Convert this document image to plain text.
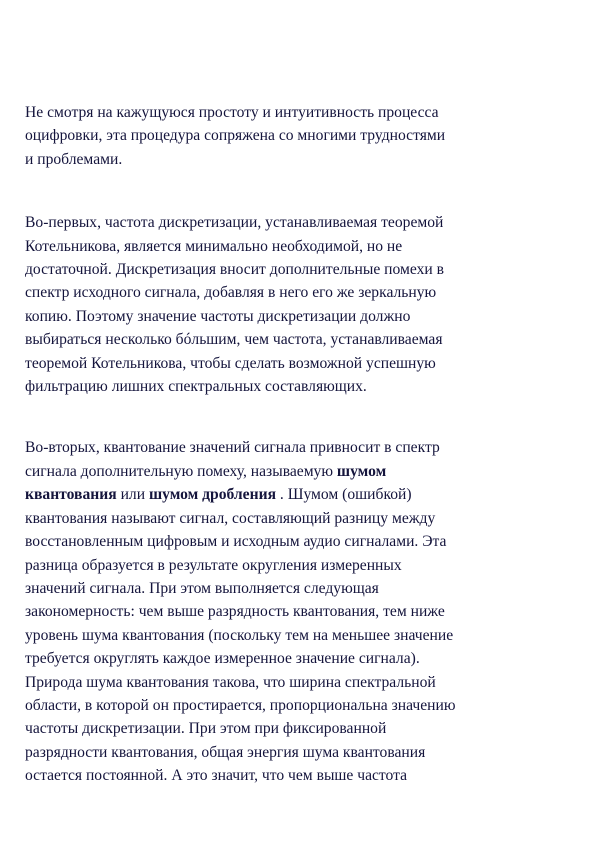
Не смотря на кажущуюся простоту и интуитивность процесса
оцифровки, эта процедура сопряжена со многими трудностями
и проблемами.

Во-первых, частота дискретизации, устанавливаемая теоремой
Котельникова, является минимально необходимой, но не
достаточной. Дискретизация вносит дополнительные помехи в
спектр исходного сигнала, добавляя в него его же зеркальную
копию. Поэтому значение частоты дискретизации должно
выбираться несколько бóльшим, чем частота, устанавливаемая
теоремой Котельникова, чтобы сделать возможной успешную
фильтрацию лишних спектральных составляющих.

Во-вторых, квантование значений сигнала привносит в спектр
сигнала дополнительную помеху, называемую шумом
квантования или шумом дробления . Шумом (ошибкой)
квантования называют сигнал, составляющий разницу между
восстановленным цифровым и исходным аудио сигналами. Эта
разница образуется в результате округления измеренных
значений сигнала. При этом выполняется следующая
закономерность: чем выше разрядность квантования, тем ниже
уровень шума квантования (поскольку тем на меньшее значение
требуется округлять каждое измеренное значение сигнала).
Природа шума квантования такова, что ширина спектральной
области, в которой он простирается, пропорциональна значению
частоты дискретизации. При этом при фиксированной
разрядности квантования, общая энергия шума квантования
остается постоянной. А это значит, что чем выше частота
